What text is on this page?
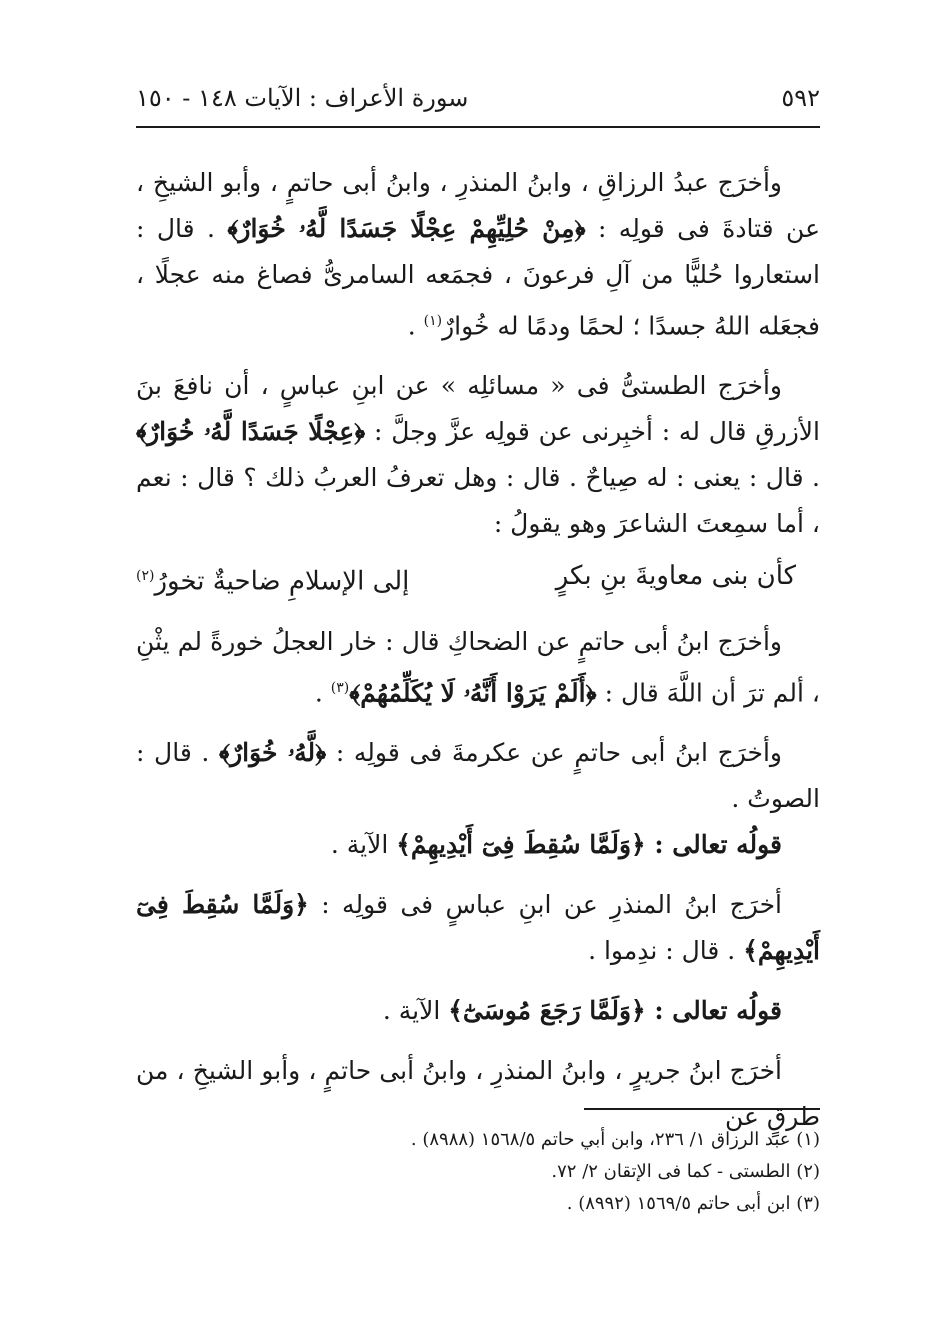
٥٩٢
سورة الأعراف : الآيات ١٤٨ - ١٥٠

وأخرَج عبدُ الرزاقِ ، وابنُ المنذرِ ، وابنُ أبى حاتمٍ ، وأبو الشيخِ ، عن قتادةَ فى قولِه : ﴿مِنْ حُلِيِّهِمْ عِجْلًا جَسَدًا لَّهُۥ خُوَارٌ﴾ . قال : استعاروا حُليًّا من آلِ فرعونَ ، فجمَعه السامرىُّ فصاغ منه عجلًا ، فجعَله اللهُ جسدًا ؛ لحمًا ودمًا له خُوارٌ$^{(١)}$ .

وأخرَج الطستىُّ فى « مسائلِه » عن ابنِ عباسٍ ، أن نافعَ بنَ الأزرقِ قال له : أخبِرنى عن قولِه عزَّ وجلَّ : ﴿عِجْلًا جَسَدًا لَّهُۥ خُوَارٌ﴾ . قال : يعنى : له صِياحٌ . قال : وهل تعرفُ العربُ ذلك ؟ قال : نعم ، أما سمِعتَ الشاعرَ وهو يقولُ :

كأن بنى معاويةَ بنِ بكرٍ
إلى الإسلامِ ضاحيةٌ تخورُ$^{(٢)}$

وأخرَج ابنُ أبى حاتمٍ عن الضحاكِ قال : خار العجلُ خورةً لم يثْنِ ، ألم ترَ أن اللَّهَ قال : ﴿أَلَمْ يَرَوْا أَنَّهُۥ لَا يُكَلِّمُهُمْ﴾$^{(٣)}$ .

وأخرَج ابنُ أبى حاتمٍ عن عكرمةَ فى قولِه : ﴿لَّهُۥ خُوَارٌ﴾ . قال : الصوتُ .

قولُه تعالى : ﴿وَلَمَّا سُقِطَ فِىٓ أَيْدِيهِمْ﴾ الآية .

أخرَج ابنُ المنذرِ عن ابنِ عباسٍ فى قولِه : ﴿وَلَمَّا سُقِطَ فِىٓ أَيْدِيهِمْ﴾ . قال : ندِموا .

قولُه تعالى : ﴿وَلَمَّا رَجَعَ مُوسَىٰٓ﴾ الآية .

أخرَج ابنُ جريرٍ ، وابنُ المنذرِ ، وابنُ أبى حاتمٍ ، وأبو الشيخِ ، من طرقٍ عن

(١) عبد الرزاق ١/ ٢٣٦، وابن أبي حاتم ١٥٦٨/٥ (٨٩٨٨) .
(٢) الطستى - كما فى الإتقان ٢/ ٧٢.
(٣) ابن أبى حاتم ١٥٦٩/٥ (٨٩٩٢) .
